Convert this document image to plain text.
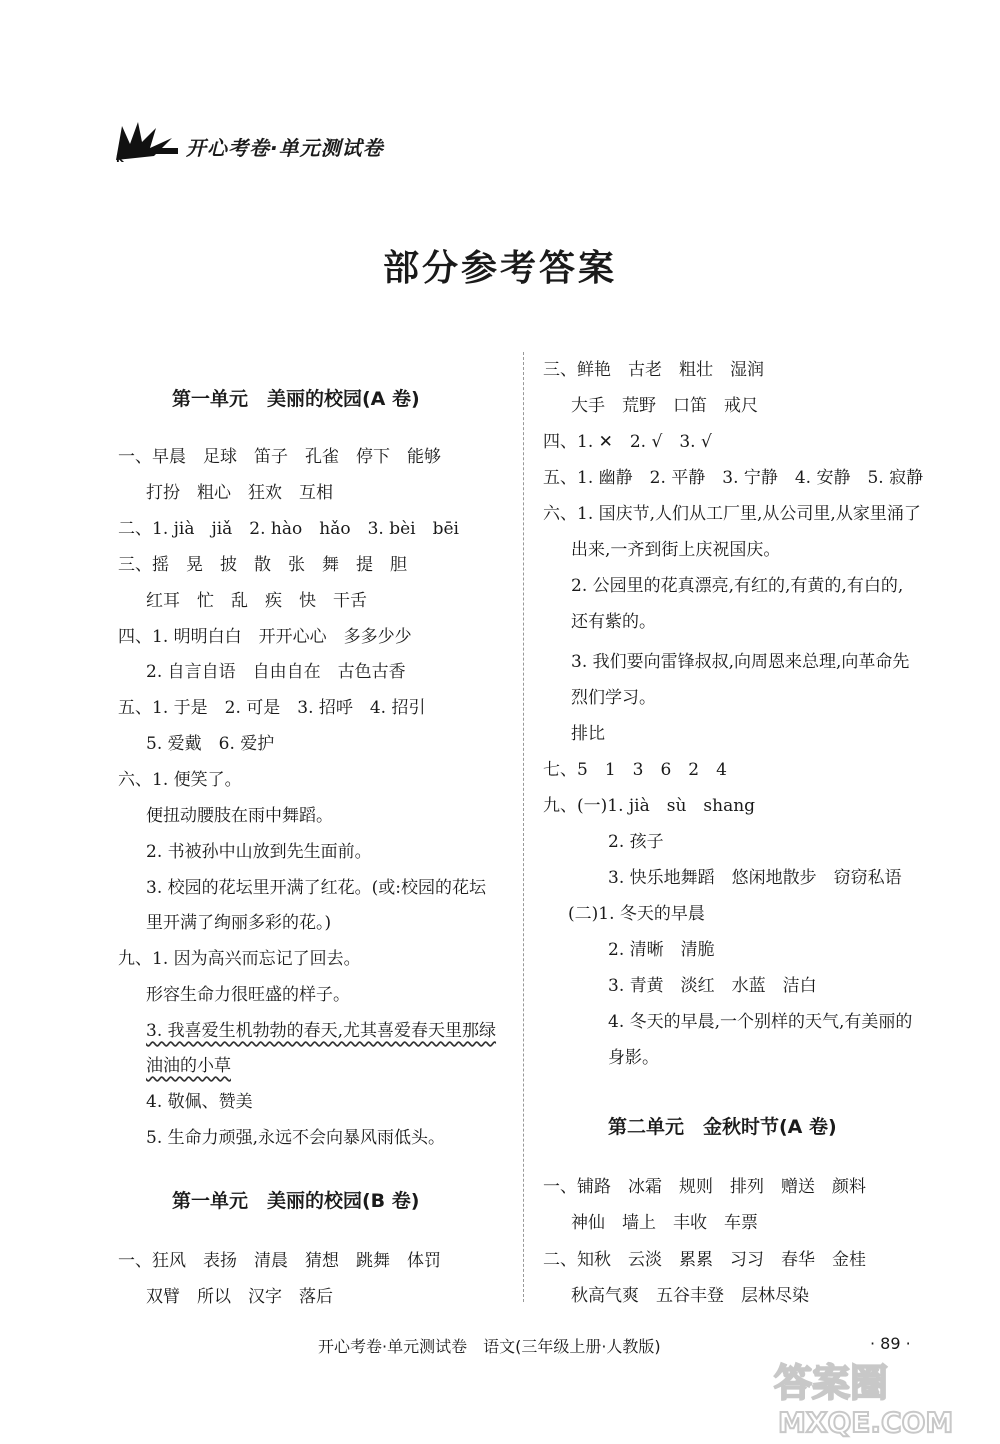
K	开心考卷·单元测试卷
部分参考答案
第一单元　美丽的校园(A 卷)
一、早晨　足球　笛子　孔雀　停下　能够
打扮　粗心　狂欢　互相
二、1. jià　jiǎ　2. hào　hǎo　3. bèi　bēi
三、摇　晃　披　散　张　舞　提　胆
红耳　忙　乱　疾　快　干舌
四、1. 明明白白　开开心心　多多少少
2. 自言自语　自由自在　古色古香
五、1. 于是　2. 可是　3. 招呼　4. 招引
5. 爱戴　6. 爱护
六、1. 便笑了。
便扭动腰肢在雨中舞蹈。
2. 书被孙中山放到先生面前。
3. 校园的花坛里开满了红花。(或:校园的花坛
里开满了绚丽多彩的花。)
九、1. 因为高兴而忘记了回去。
形容生命力很旺盛的样子。
3. 我喜爱生机勃勃的春天,尤其喜爱春天里那绿
油油的小草
4. 敬佩、赞美
5. 生命力顽强,永远不会向暴风雨低头。
第一单元　美丽的校园(B 卷)
一、狂风　表扬　清晨　猜想　跳舞　体罚
双臂　所以　汉字　落后
三、鲜艳　古老　粗壮　湿润
大手　荒野　口笛　戒尺
四、1. ✕　2. √　3. √
五、1. 幽静　2. 平静　3. 宁静　4. 安静　5. 寂静
六、1. 国庆节,人们从工厂里,从公司里,从家里涌了
出来,一齐到街上庆祝国庆。
2. 公园里的花真漂亮,有红的,有黄的,有白的,
还有紫的。
3. 我们要向雷锋叔叔,向周恩来总理,向革命先
烈们学习。
排比
七、5　1　3　6　2　4
九、(一)1. jià　sù　shang
2. 孩子
3. 快乐地舞蹈　悠闲地散步　窃窃私语
(二)1. 冬天的早晨
2. 清晰　清脆
3. 青黄　淡红　水蓝　洁白
4. 冬天的早晨,一个别样的天气,有美丽的
身影。
第二单元　金秋时节(A 卷)
一、铺路　冰霜　规则　排列　赠送　颜料
神仙　墙上　丰收　车票
二、知秋　云淡　累累　习习　春华　金桂
秋高气爽　五谷丰登　层林尽染
开心考卷·单元测试卷　语文(三年级上册·人教版)	· 89 ·
答案圈
MXQE.COM
